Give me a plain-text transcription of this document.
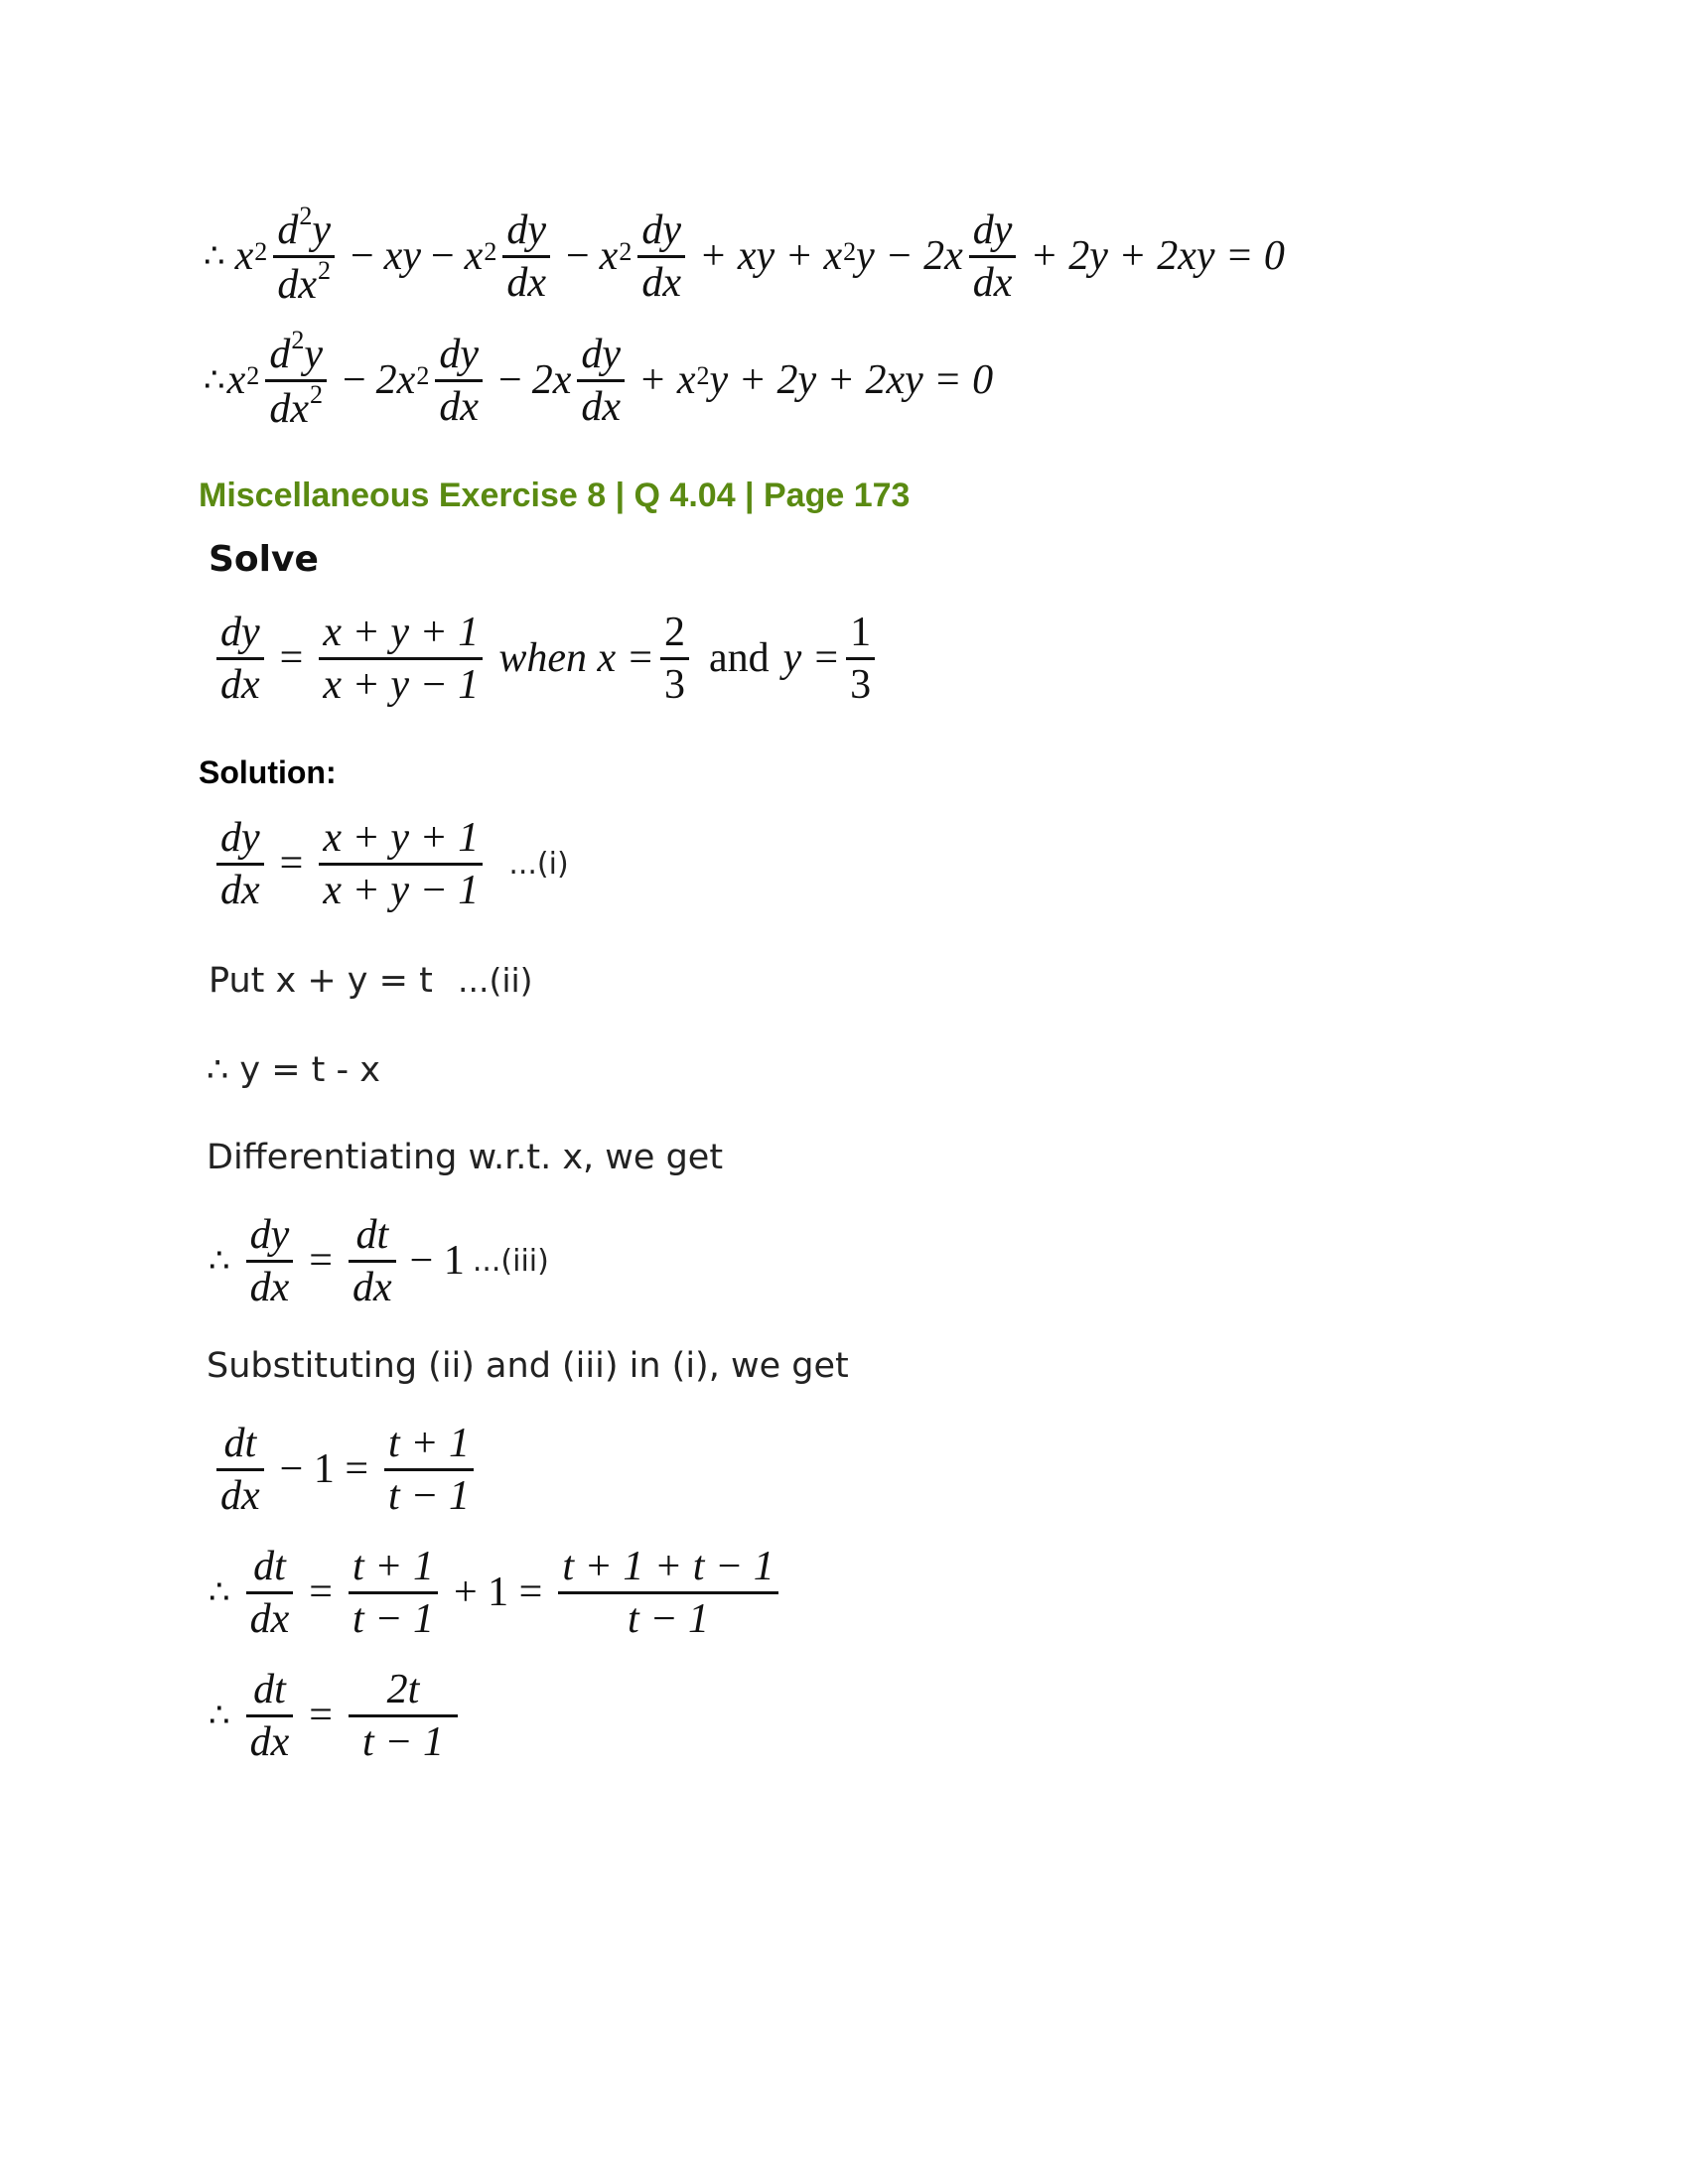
∴ x $2 \frac{d^2y}{dx^2}$ − xy − x $2 \frac{dy}{dx} - x$ $2 \frac{dy}{dx}$ + xy + x 2 $y - 2x \frac{dy}{dx} + 2y + 2xy = 0$
∴ x $2 \frac{d^2y}{dx^2} - 2$ x $2 \frac{dy}{dx} - 2$ x $\frac{dy}{dx} + x$ 2 y + 2y + 2xy = 0
Miscellaneous Exercise 8 | Q 4.04 | Page 173
Solve
$\frac{dy}{dx} = \frac{x + y + 1}{x + y - 1}$ when $x = \frac{2}{3}$ and $y = \frac{1}{3}$
Solution:
$\frac{dy}{dx} = \frac{x + y + 1}{x + y - 1} ...(i)$
Put x + y = t ...(ii)
∴ y = t - x
Differentiating w.r.t. x, we get
∴ $\frac{dy}{dx} = \frac{dt}{dx} - 1$ ...(iii)
Substituting (ii) and (iii) in (i), we get
$\frac{dt}{dx} - 1 = \frac{t + 1}{t - 1}$
∴ $\frac{dt}{dx} = \frac{t + 1}{t - 1} + 1 = \frac{t + 1 + t - 1}{t - 1}$
∴ $\frac{dt}{dx} = \frac{2t}{t - 1}$
